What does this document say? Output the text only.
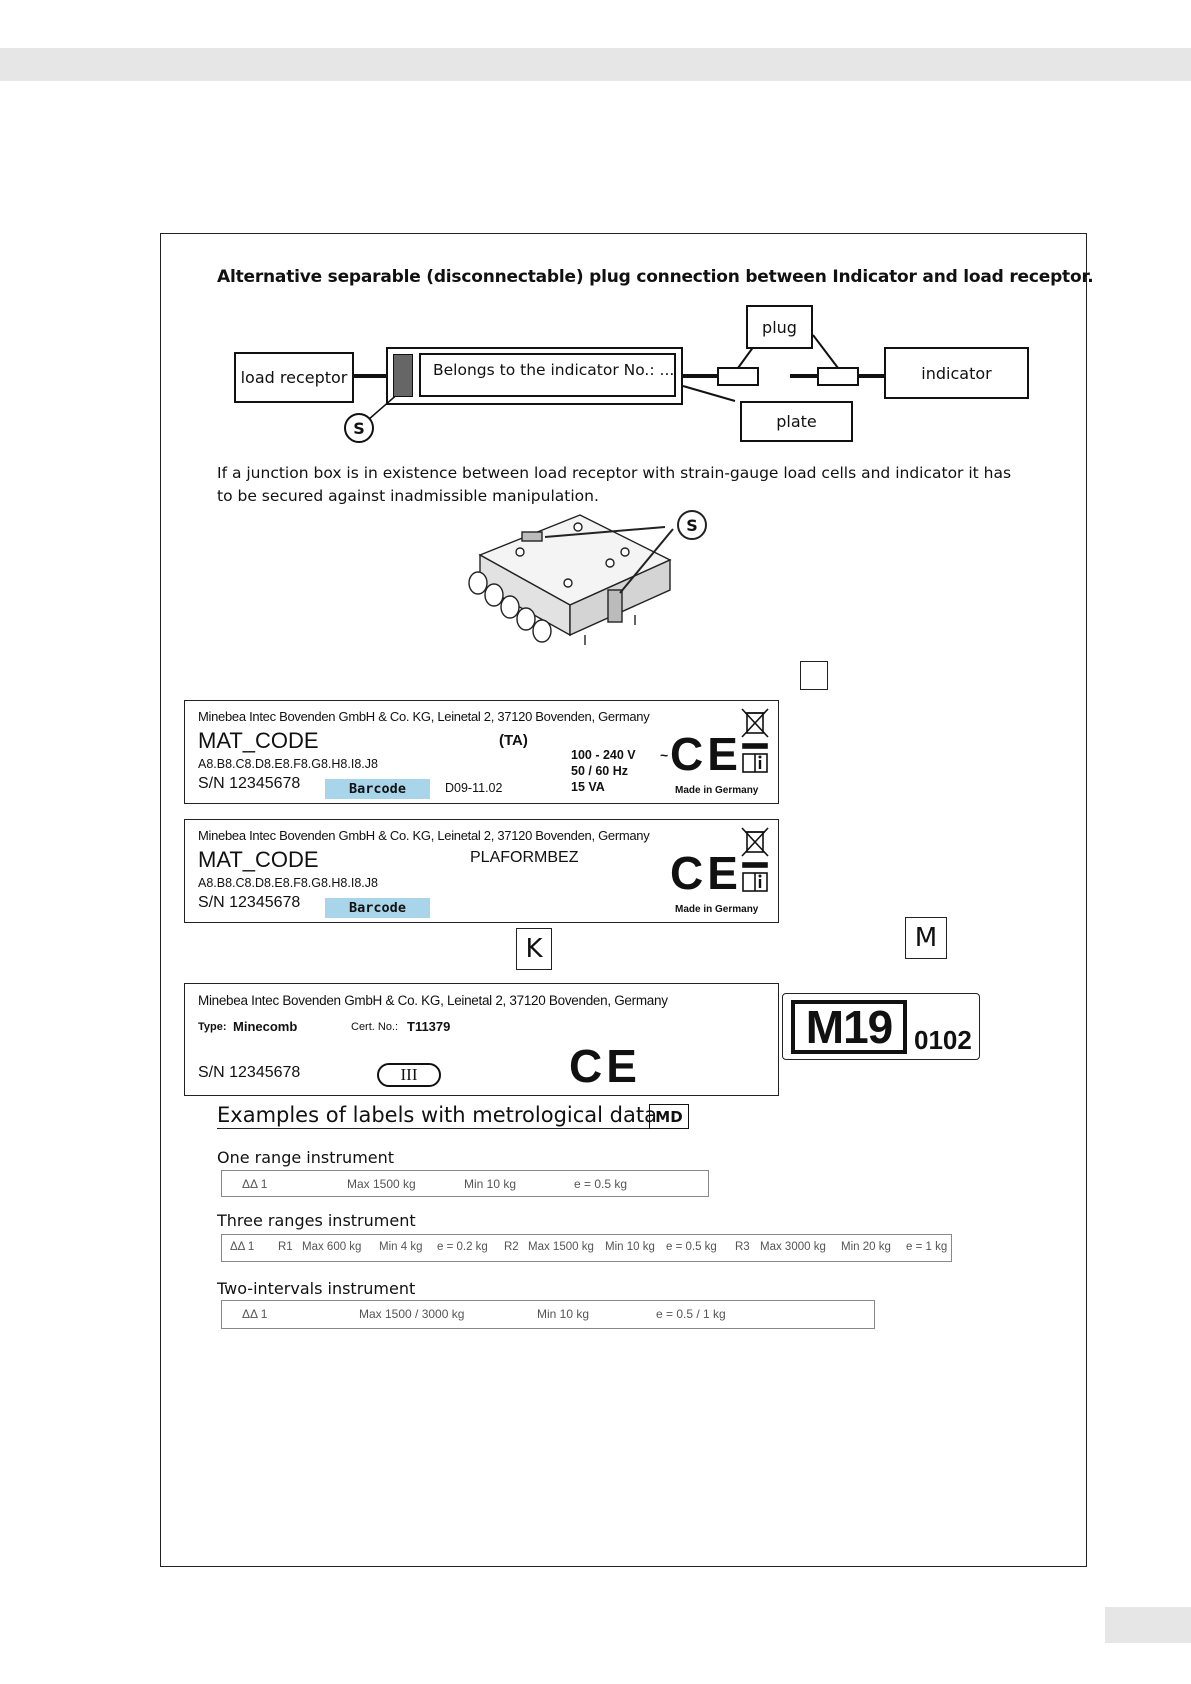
Alternative separable (disconnectable) plug connection between Indicator and load receptor.
S
load receptor	Belongs to the indicator No.: ...
plug
plate
indicator
If a junction box is in existence between load receptor with strain-gauge load cells and indicator it has to be secured against inadmissible manipulation.
S
Minebea Intec Bovenden GmbH & Co. KG, Leinetal 2, 37120 Bovenden, Germany
MAT_CODE	(TA)
A8.B8.C8.D8.E8.F8.G8.H8.I8.J8
S/N 12345678	Barcode	D09-11.02
100 - 240 V ~
50 / 60 Hz
15 VA
CE
Made in Germany
Minebea Intec Bovenden GmbH & Co. KG, Leinetal 2, 37120 Bovenden, Germany
MAT_CODE	PLAFORMBEZ
A8.B8.C8.D8.E8.F8.G8.H8.I8.J8
S/N 12345678	Barcode
CE
Made in Germany
K	M
Minebea Intec Bovenden GmbH & Co. KG, Leinetal 2, 37120 Bovenden, Germany
Type: Minecomb	Cert. No.: T11379
S/N 12345678	III	CE
M19 0102
Examples of labels with metrological data
MD
One range instrument
ΔΔ 1	Max 1500 kg	Min 10 kg	e = 0.5 kg
Three ranges instrument
ΔΔ 1 R1 Max 600 kg Min 4 kg e = 0.2 kg R2 Max 1500 kg Min 10 kg e = 0.5 kg R3 Max 3000 kg Min 20 kg e = 1 kg
Two-intervals instrument
ΔΔ 1	Max 1500 / 3000 kg	Min 10 kg	e = 0.5 / 1 kg
